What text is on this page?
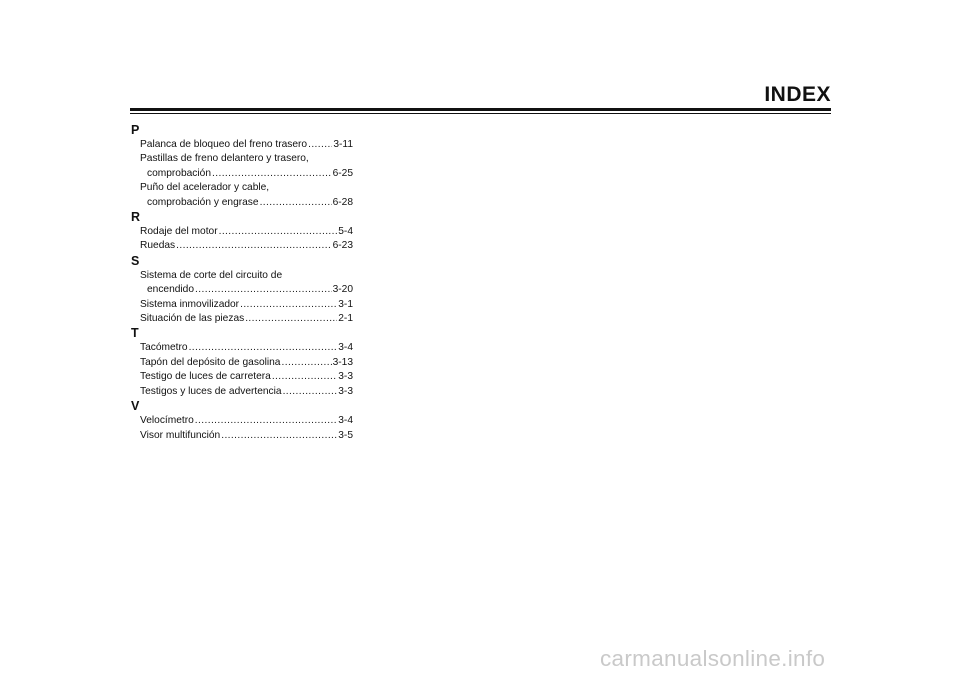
INDEX
P
Palanca de bloqueo del freno trasero .....	3-11
Pastillas de freno delantero y trasero,
comprobación .....	6-25
Puño del acelerador y cable,
comprobación y engrase .....	6-28
R
Rodaje del motor .....	5-4
Ruedas .....	6-23
S
Sistema de corte del circuito de
encendido .....	3-20
Sistema inmovilizador .....	3-1
Situación de las piezas .....	2-1
T
Tacómetro .....	3-4
Tapón del depósito de gasolina .....	3-13
Testigo de luces de carretera .....	3-3
Testigos y luces de advertencia .....	3-3
V
Velocímetro .....	3-4
Visor multifunción .....	3-5
carmanualsonline.info
